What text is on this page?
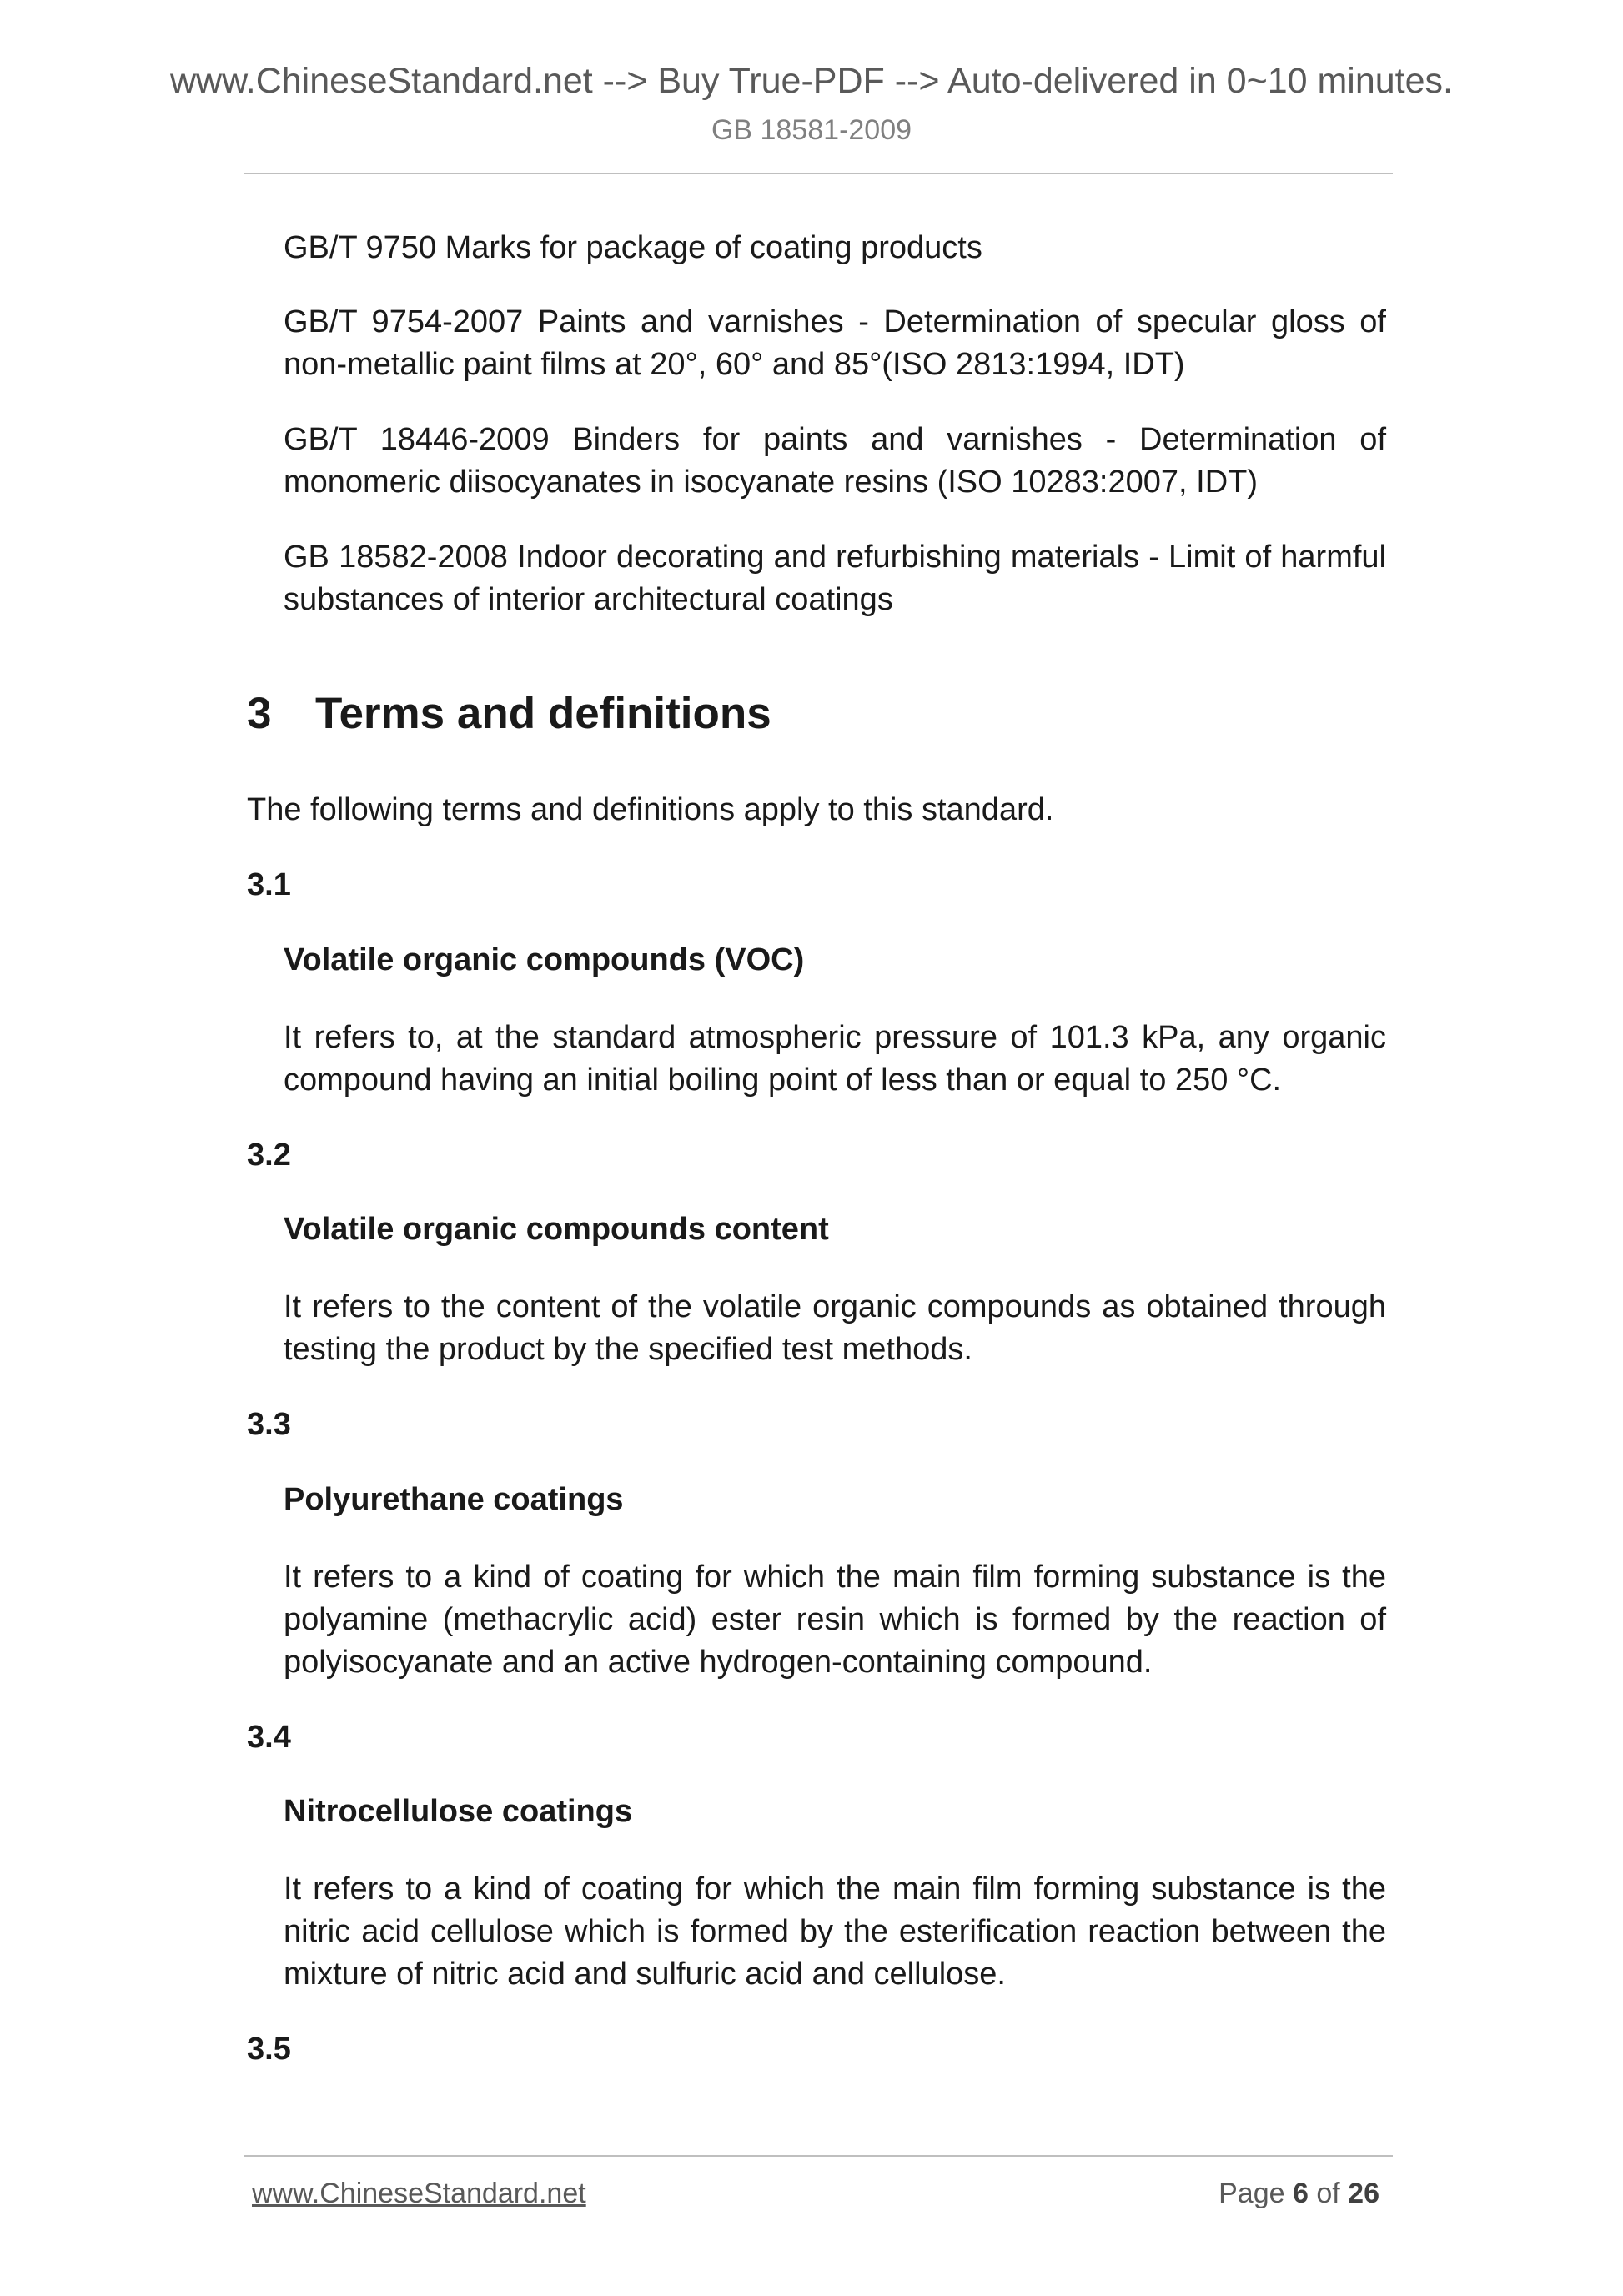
www.ChineseStandard.net --> Buy True-PDF --> Auto-delivered in 0~10 minutes.
GB 18581-2009
GB/T 9750 Marks for package of coating products
GB/T 9754-2007 Paints and varnishes - Determination of specular gloss of non-metallic paint films at 20°, 60° and 85°(ISO 2813:1994, IDT)
GB/T 18446-2009 Binders for paints and varnishes - Determination of monomeric diisocyanates in isocyanate resins (ISO 10283:2007, IDT)
GB 18582-2008 Indoor decorating and refurbishing materials - Limit of harmful substances of interior architectural coatings
3 Terms and definitions
The following terms and definitions apply to this standard.
3.1
Volatile organic compounds (VOC)
It refers to, at the standard atmospheric pressure of 101.3 kPa, any organic compound having an initial boiling point of less than or equal to 250 °C.
3.2
Volatile organic compounds content
It refers to the content of the volatile organic compounds as obtained through testing the product by the specified test methods.
3.3
Polyurethane coatings
It refers to a kind of coating for which the main film forming substance is the polyamine (methacrylic acid) ester resin which is formed by the reaction of polyisocyanate and an active hydrogen-containing compound.
3.4
Nitrocellulose coatings
It refers to a kind of coating for which the main film forming substance is the nitric acid cellulose which is formed by the esterification reaction between the mixture of nitric acid and sulfuric acid and cellulose.
3.5
www.ChineseStandard.net	Page 6 of 26
